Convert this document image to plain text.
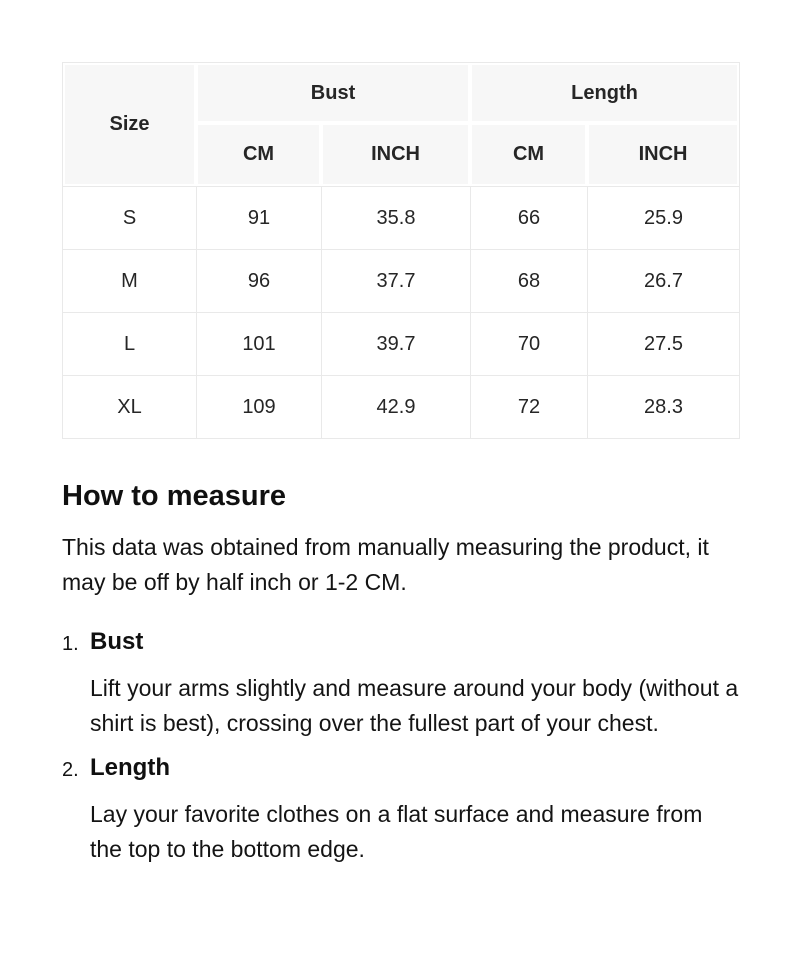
Size	Bust		Length	
	CM	INCH	CM	INCH
S	91	35.8	66	25.9
M	96	37.7	68	26.7
L	101	39.7	70	27.5
XL	109	42.9	72	28.3
How to measure

This data was obtained from manually measuring the product, it may be off by half inch or 1-2 CM.

1. Bust

Lift your arms slightly and measure around your body (without a shirt is best), crossing over the fullest part of your chest.

2. Length

Lay your favorite clothes on a flat surface and measure from the top to the bottom edge.
